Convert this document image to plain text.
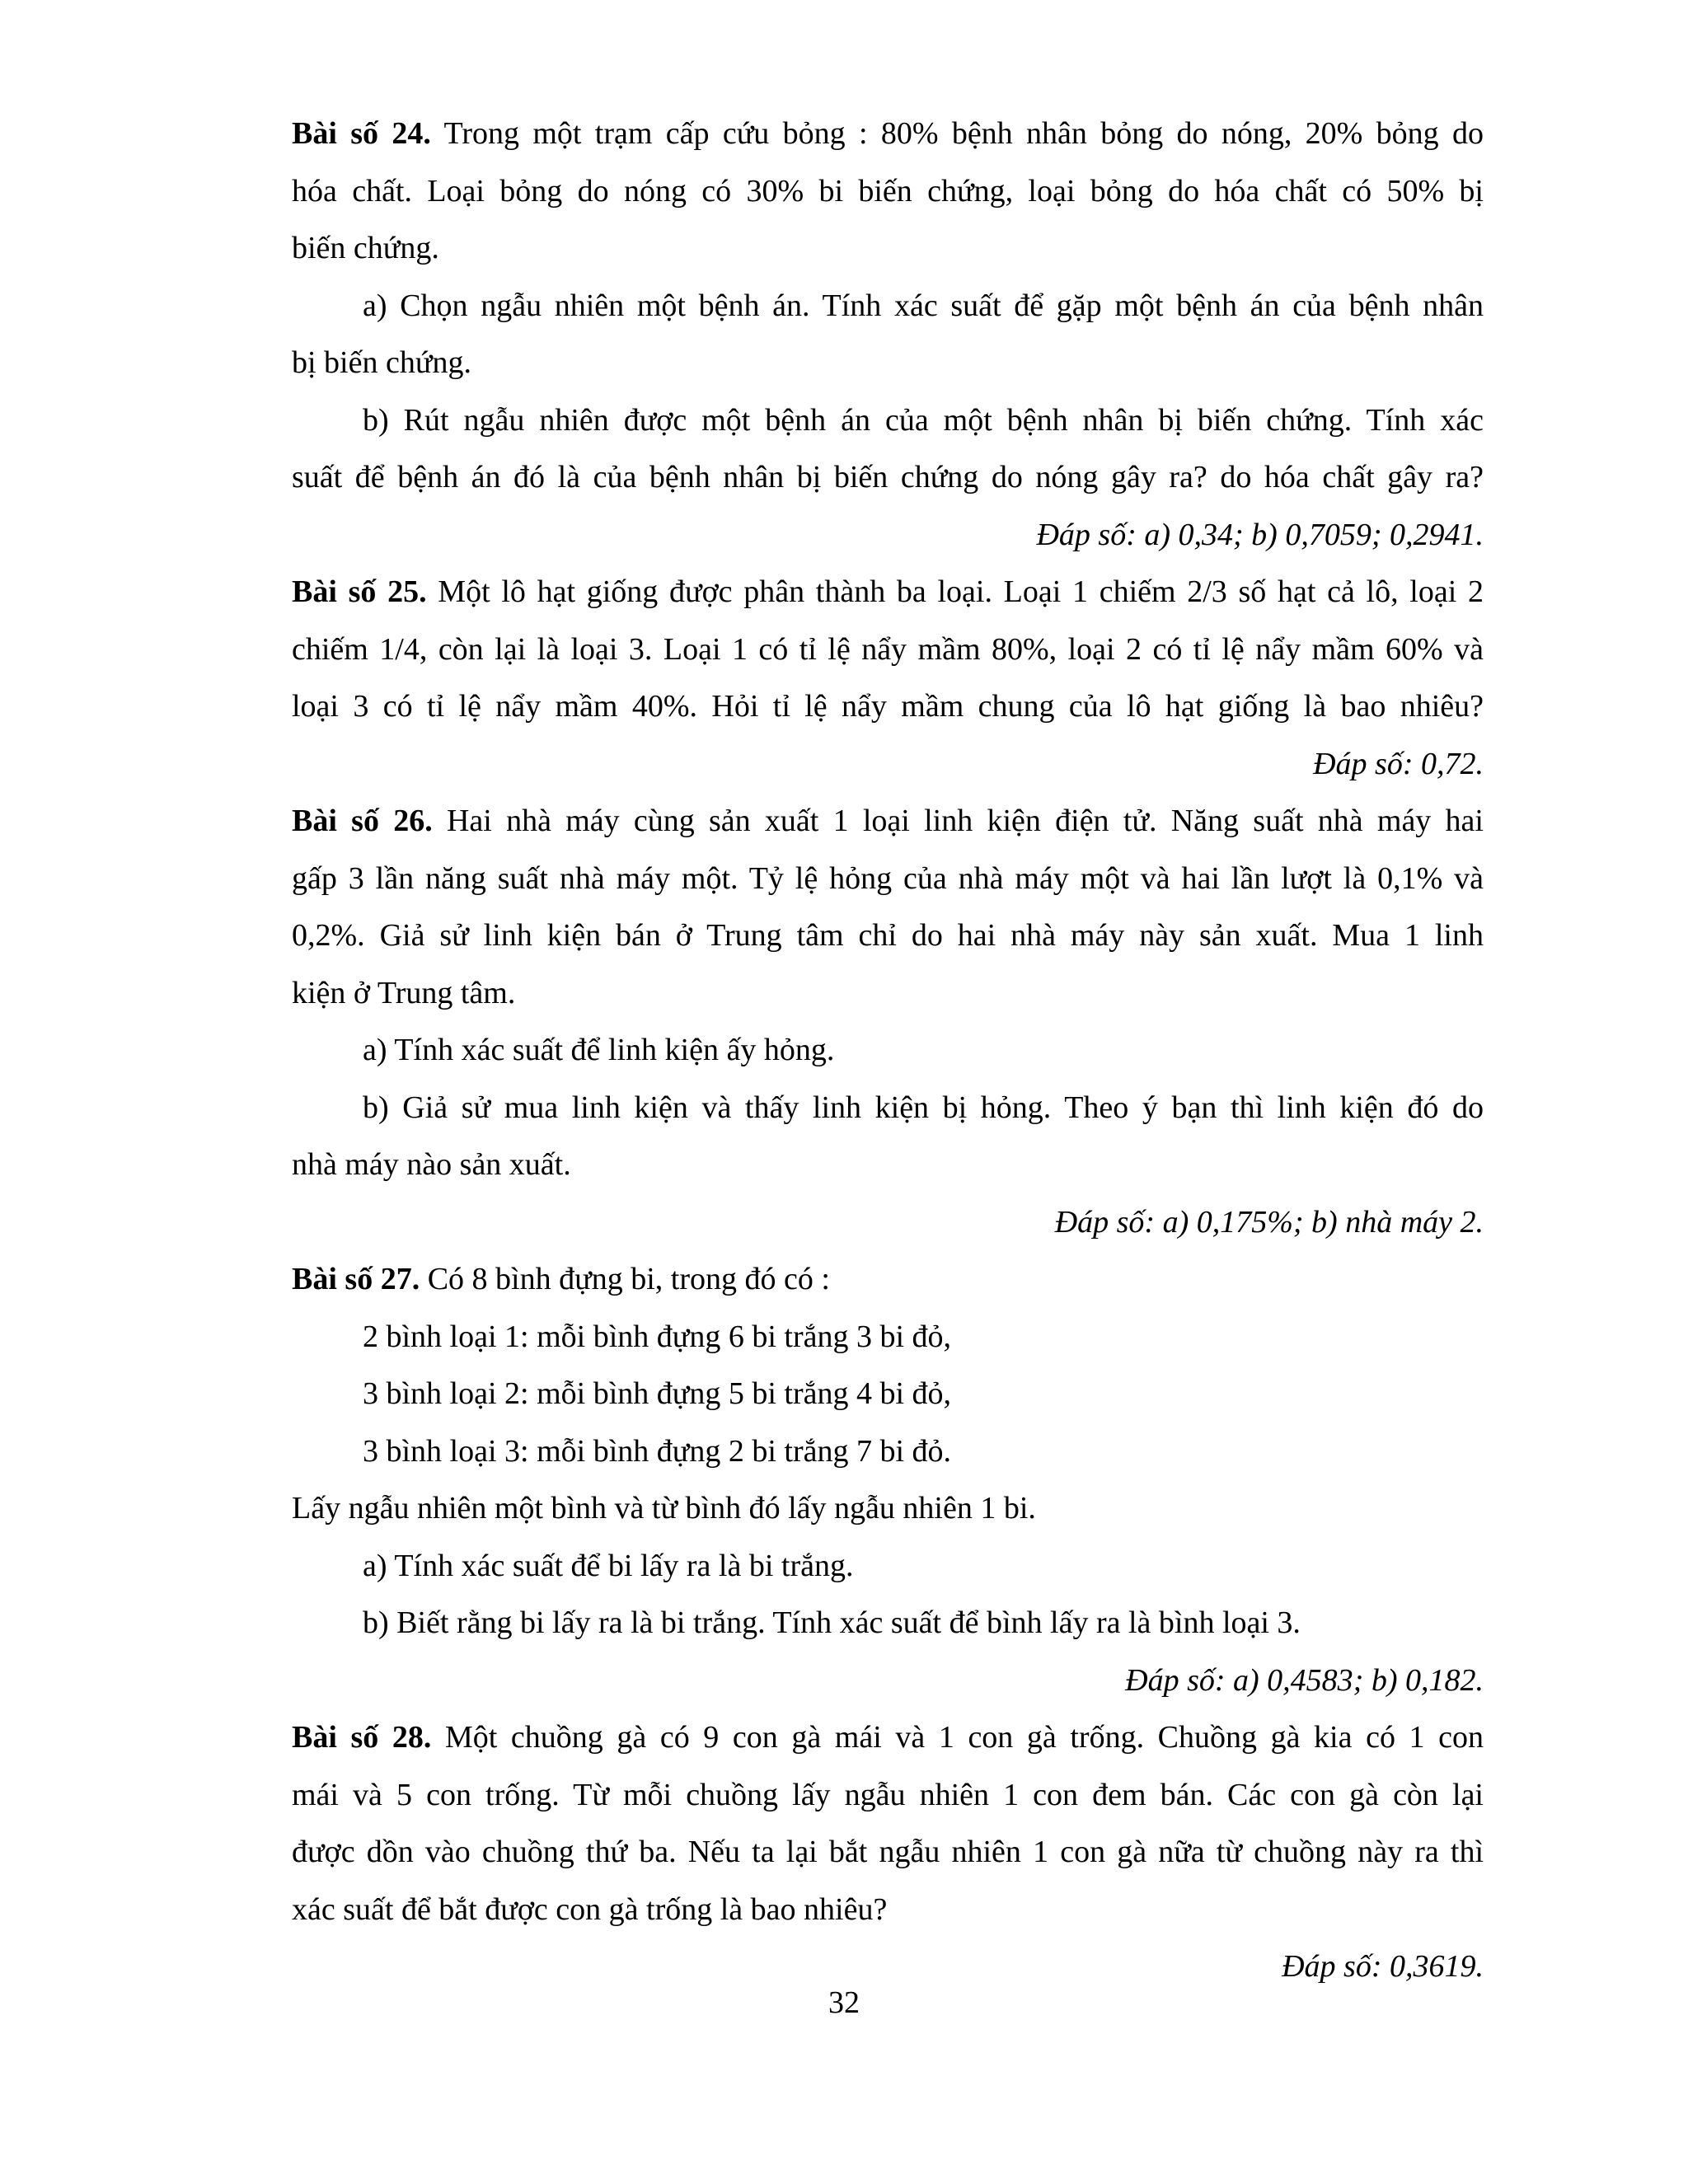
Bài số 24. Trong một trạm cấp cứu bỏng : 80% bệnh nhân bỏng do nóng, 20% bỏng do
hóa chất. Loại bỏng do nóng có 30% bi biến chứng, loại bỏng do hóa chất có 50% bị
biến chứng.
a) Chọn ngẫu nhiên một bệnh án. Tính xác suất để gặp một bệnh án của bệnh nhân
bị biến chứng.
b) Rút ngẫu nhiên được một bệnh án của một bệnh nhân bị biến chứng. Tính xác
suất để bệnh án đó là của bệnh nhân bị biến chứng do nóng gây ra? do hóa chất gây ra?
Đáp số: a) 0,34; b) 0,7059; 0,2941.
Bài số 25. Một lô hạt giống được phân thành ba loại. Loại 1 chiếm 2/3 số hạt cả lô, loại 2
chiếm 1/4, còn lại là loại 3. Loại 1 có tỉ lệ nẩy mầm 80%, loại 2 có tỉ lệ nẩy mầm 60% và
loại 3 có tỉ lệ nẩy mầm 40%. Hỏi tỉ lệ nẩy mầm chung của lô hạt giống là bao nhiêu?
Đáp số: 0,72.
Bài số 26. Hai nhà máy cùng sản xuất 1 loại linh kiện điện tử. Năng suất nhà máy hai
gấp 3 lần năng suất nhà máy một. Tỷ lệ hỏng của nhà máy một và hai lần lượt là 0,1% và
0,2%. Giả sử linh kiện bán ở Trung tâm chỉ do hai nhà máy này sản xuất. Mua 1 linh
kiện ở Trung tâm.
a) Tính xác suất để linh kiện ấy hỏng.
b) Giả sử mua linh kiện và thấy linh kiện bị hỏng. Theo ý bạn thì linh kiện đó do
nhà máy nào sản xuất.
Đáp số: a) 0,175%; b) nhà máy 2.
Bài số 27. Có 8 bình đựng bi, trong đó có :
2 bình loại 1: mỗi bình đựng 6 bi trắng 3 bi đỏ,
3 bình loại 2: mỗi bình đựng 5 bi trắng 4 bi đỏ,
3 bình loại 3: mỗi bình đựng 2 bi trắng 7 bi đỏ.
Lấy ngẫu nhiên một bình và từ bình đó lấy ngẫu nhiên 1 bi.
a) Tính xác suất để bi lấy ra là bi trắng.
b) Biết rằng bi lấy ra là bi trắng. Tính xác suất để bình lấy ra là bình loại 3.
Đáp số: a) 0,4583; b) 0,182.
Bài số 28. Một chuồng gà có 9 con gà mái và 1 con gà trống. Chuồng gà kia có 1 con
mái và 5 con trống. Từ mỗi chuồng lấy ngẫu nhiên 1 con đem bán. Các con gà còn lại
được dồn vào chuồng thứ ba. Nếu ta lại bắt ngẫu nhiên 1 con gà nữa từ chuồng này ra thì
xác suất để bắt được con gà trống là bao nhiêu?
Đáp số: 0,3619.
32
